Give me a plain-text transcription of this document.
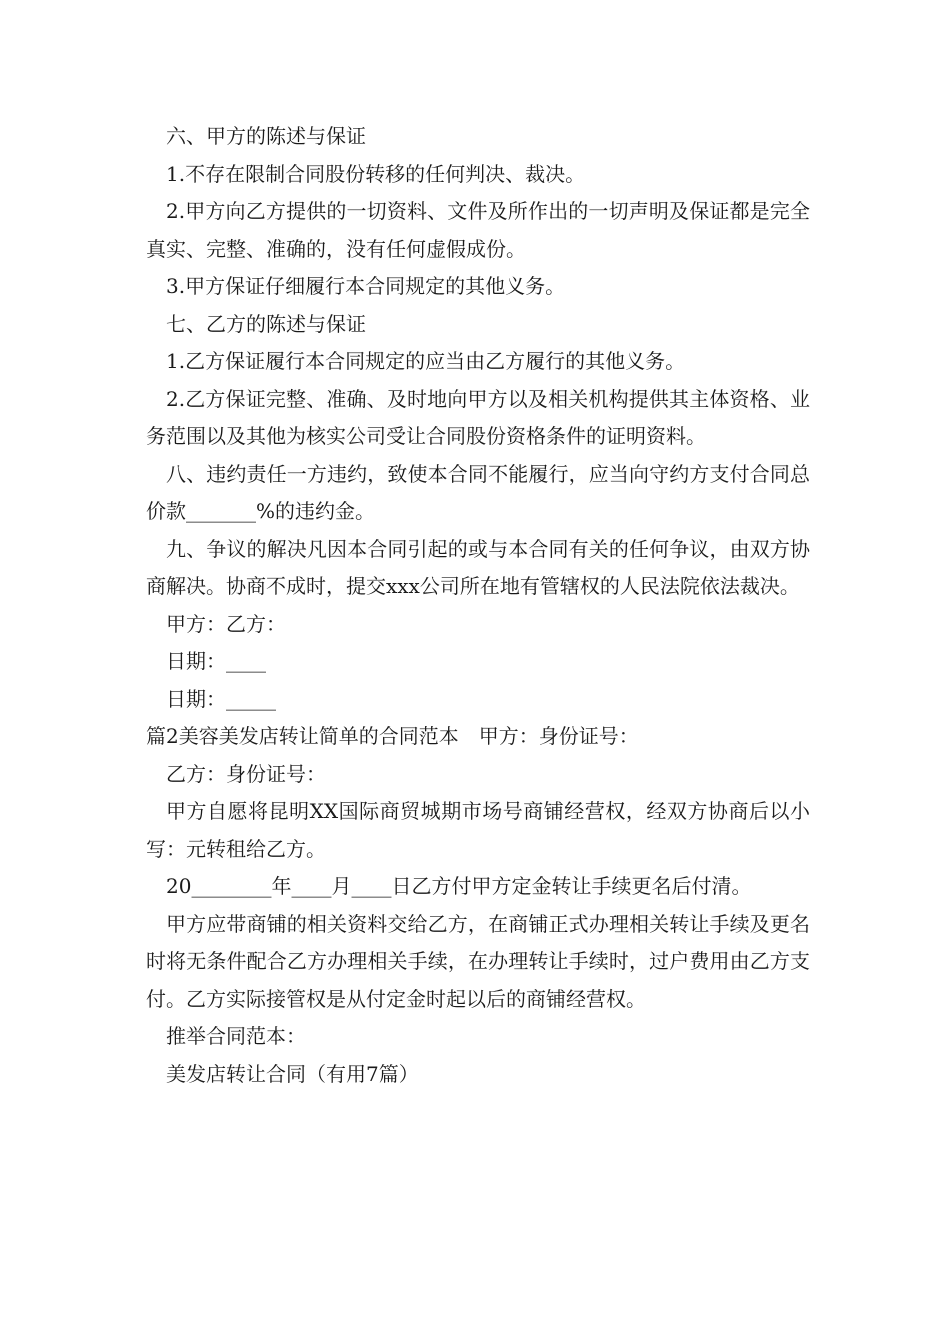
六、甲方的陈述与保证

1.不存在限制合同股份转移的任何判决、裁决。

2.甲方向乙方提供的一切资料、文件及所作出的一切声明及保证都是完全真实、完整、准确的，没有任何虚假成份。

3.甲方保证仔细履行本合同规定的其他义务。

七、乙方的陈述与保证

1.乙方保证履行本合同规定的应当由乙方履行的其他义务。

2.乙方保证完整、准确、及时地向甲方以及相关机构提供其主体资格、业务范围以及其他为核实公司受让合同股份资格条件的证明资料。

八、违约责任一方违约，致使本合同不能履行，应当向守约方支付合同总价款_______%的违约金。

九、争议的解决凡因本合同引起的或与本合同有关的任何争议，由双方协商解决。协商不成时，提交xxx公司所在地有管辖权的人民法院依法裁决。

甲方：乙方：

日期：____

日期：_____

篇2美容美发店转让简单的合同范本　甲方：身份证号：

乙方：身份证号：

甲方自愿将昆明XX国际商贸城期市场号商铺经营权，经双方协商后以小写：元转租给乙方。

20________年____月____日乙方付甲方定金转让手续更名后付清。

甲方应带商铺的相关资料交给乙方，在商铺正式办理相关转让手续及更名时将无条件配合乙方办理相关手续，在办理转让手续时，过户费用由乙方支付。乙方实际接管权是从付定金时起以后的商铺经营权。

推举合同范本：

美发店转让合同（有用7篇）
